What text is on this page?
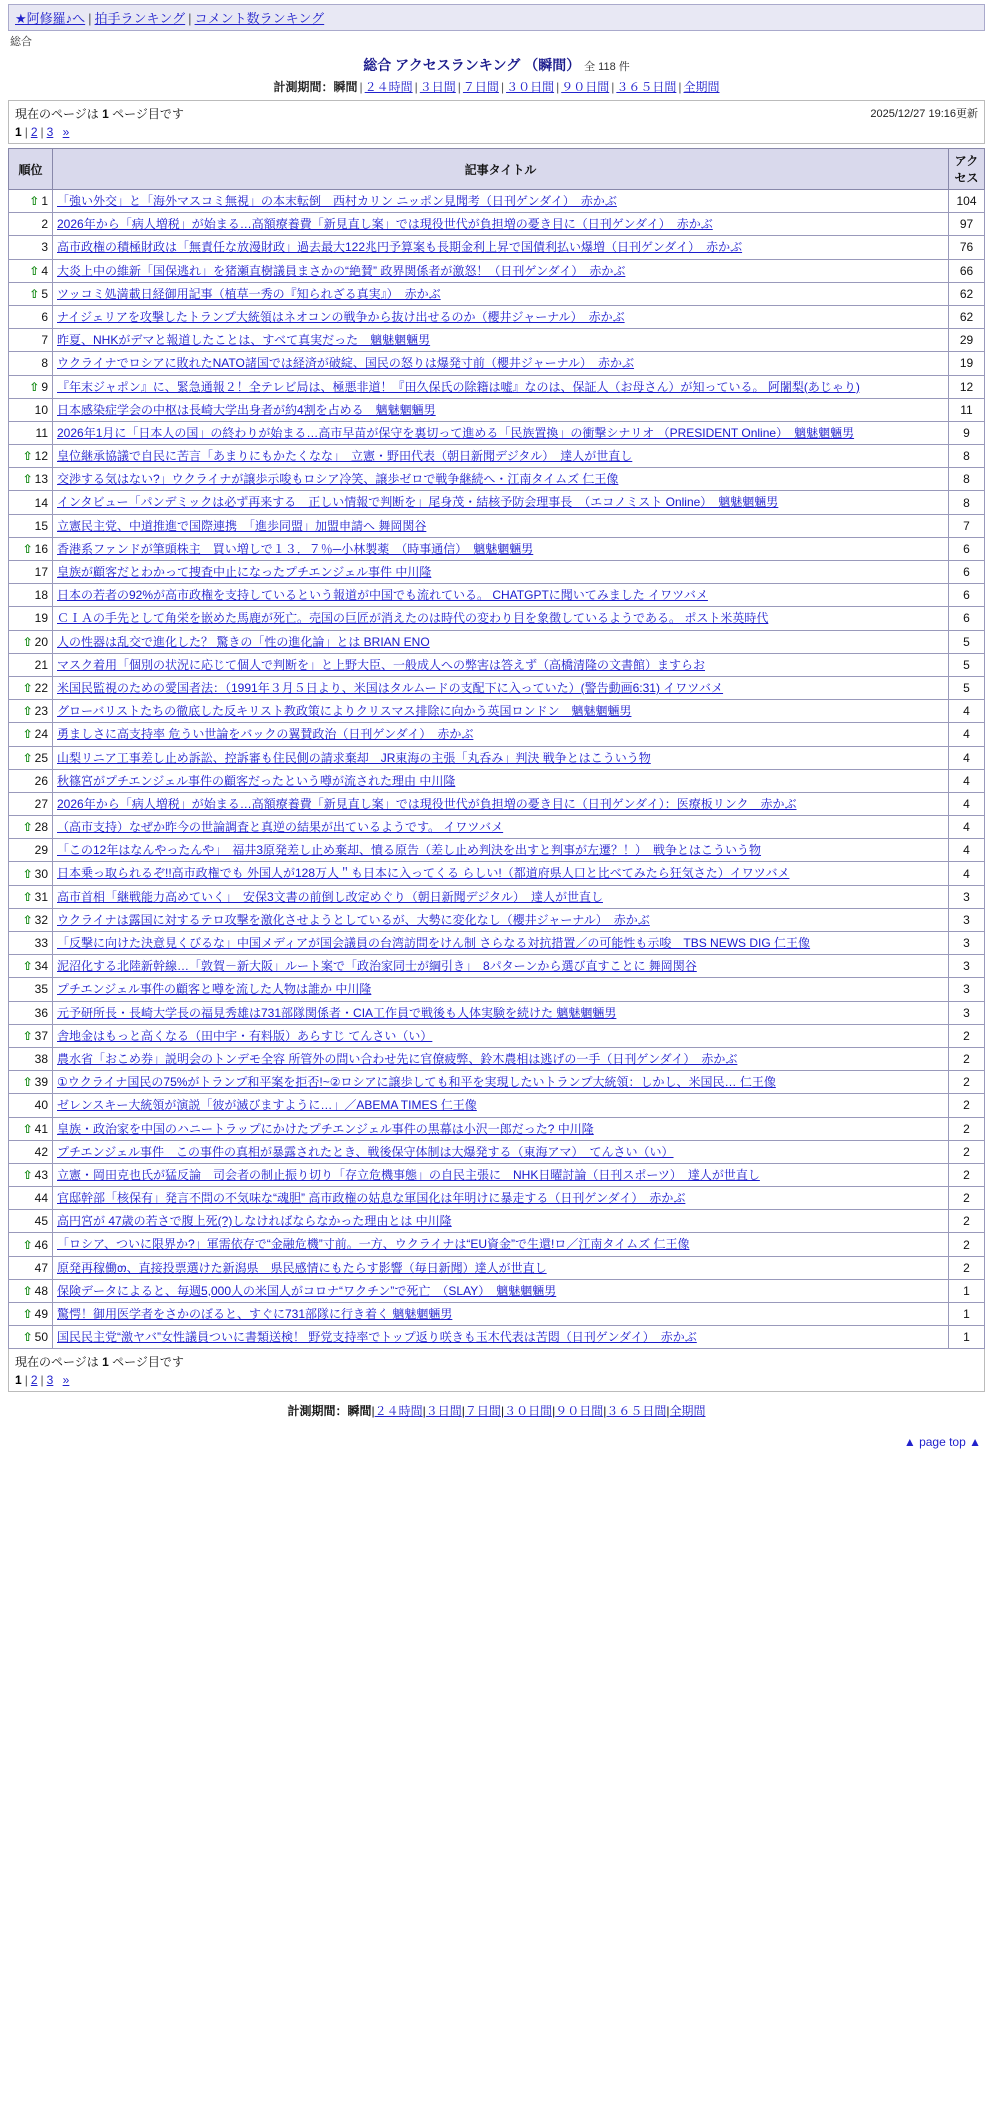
★阿修羅♪へ | 拍手ランキング | コメント数ランキング
総合
総合 アクセスランキング （瞬間） 全 118 件
計測期間：瞬間 | ２４時間 | ３日間 | ７日間 | ３０日間 | ９０日間 | ３６５日間 | 全期間
2025/12/27 19:16更新
現在のページは 1 ページ目です
1 | 2 | 3 »
順位	記事タイトル	アクセス
⇧ 1	「強い外交」と「海外マスコミ無視」の本末転倒　西村カリン ニッポン見聞考（日刊ゲンダイ）　赤かぶ	104
2	2026年から「病人増税」が始まる…高額療養費「新見直し案」では現役世代が負担増の憂き目に（日刊ゲンダイ）　赤かぶ	97
3	高市政権の積極財政は「無責任な放漫財政」過去最大122兆円予算案も長期金利上昇で国債利払い爆増（日刊ゲンダイ）　赤かぶ	76
⇧ 4	大炎上中の維新「国保逃れ」を猪瀬直樹議員まさかの“絶賛” 政界関係者が激怒！（日刊ゲンダイ）　赤かぶ	66
⇧ 5	ツッコミ処満載日経御用記事（植草一秀の『知られざる真実』）　赤かぶ	62
6	ナイジェリアを攻撃したトランプ大統領はネオコンの戦争から抜け出せるのか（櫻井ジャーナル）　赤かぶ	62
7	昨夏、NHKがデマと報道したことは、すべて真実だった　魑魅魍魎男	29
8	ウクライナでロシアに敗れたNATO諸国では経済が破綻、国民の怒りは爆発寸前（櫻井ジャーナル）　赤かぶ	19
⇧ 9	『年末ジャポン』に、緊急通報２！全テレビ局は、極悪非道！『田久保氏の除籍は嘘』なのは、保証人（お母さん）が知っている。 阿闍梨(あじゃり)	12
10	日本感染症学会の中枢は長崎大学出身者が約4割を占める　魑魅魍魎男	11
11	2026年1月に「日本人の国」の終わりが始まる…高市早苗が保守を裏切って進める「民族置換」の衝撃シナリオ （PRESIDENT Online）　魑魅魍魎男	9
⇧ 12	皇位継承協議で自民に苦言「あまりにもかたくなな」　立憲・野田代表（朝日新聞デジタル）　達人が世直し	8
⇧ 13	交渉する気はない?」ウクライナが譲歩示唆もロシア冷笑、譲歩ゼロで戦争継続へ・江南タイムズ 仁王像	8
14	インタビュー「パンデミックは必ず再来する　正しい情報で判断を」尾身茂・結核予防会理事長　（エコノミスト Online）　魑魅魍魎男	8
15	立憲民主党、中道推進で国際連携　「進歩同盟」加盟申請へ 舞岡関谷	7
⇧ 16	香港系ファンドが筆頭株主　買い増しで１３．７％─小林製薬　（時事通信）　魑魅魍魎男	6
17	皇族が顧客だとわかって捜査中止になったプチエンジェル事件 中川隆	6
18	日本の若者の92%が高市政権を支持しているという報道が中国でも流れている。 CHATGPTに聞いてみました イワツバメ	6
19	ＣＩＡの手先として角栄を嵌めた馬鹿が死亡。売国の巨匠が消えたのは時代の変わり目を象徴しているようである。 ポスト米英時代	6
⇧ 20	人の性器は乱交で進化した？ 驚きの「性の進化論」とは BRIAN ENO	5
21	マスク着用「個別の状況に応じて個人で判断を」と上野大臣、一般成人への弊害は答えず（高橋清隆の文書館）ますらお	5
⇧ 22	米国民監視のための愛国者法：（1991年３月５日より、米国はタルムードの支配下に入っていた）(警告動画6:31) イワツバメ	5
⇧ 23	グローバリストたちの徹底した反キリスト教政策によりクリスマス排除に向かう英国ロンドン　魑魅魍魎男	4
⇧ 24	勇ましさに高支持率 危うい世論をバックの翼賛政治（日刊ゲンダイ）　赤かぶ	4
⇧ 25	山梨リニア工事差し止め訴訟、控訴審も住民側の請求棄却　JR東海の主張「丸呑み」判決 戦争とはこういう物	4
26	秋篠宮がプチエンジェル事件の顧客だったという噂が流された理由 中川隆	4
27	2026年から「病人増税」が始まる…高額療養費「新見直し案」では現役世代が負担増の憂き目に（日刊ゲンダイ）：医療板リンク　赤かぶ	4
⇧ 28	（高市支持）なぜか昨今の世論調査と真逆の結果が出ているようです。 イワツバメ	4
29	「この12年はなんやったんや」　福井3原発差し止め棄却、憤る原告（差し止め判決を出すと判事が左遷？！）　戦争とはこういう物	4
⇧ 30	日本乗っ取られるぞ!!高市政権でも 外国人が128万人＂も日本に入ってくる らしい!（都道府県人口と比べてみたら狂気さた）イワツバメ	4
⇧ 31	高市首相「継戦能力高めていく」　安保3文書の前倒し改定めぐり（朝日新聞デジタル）　達人が世直し	3
⇧ 32	ウクライナは露国に対するテロ攻撃を激化させようとしているが、大勢に変化なし（櫻井ジャーナル）　赤かぶ	3
33	「反撃に向けた決意見くびるな」中国メディアが国会議員の台湾訪問をけん制 さらなる対抗措置／の可能性も示唆　TBS NEWS DIG 仁王像	3
⇧ 34	泥沼化する北陸新幹線…「敦賀－新大阪」ルート案で「政治家同士が綱引き」　8パターンから選び直すことに 舞岡関谷	3
35	プチエンジェル事件の顧客と噂を流した人物は誰か 中川隆	3
36	元予研所長・長崎大学長の福見秀雄は731部隊関係者・CIA工作員で戦後も人体実験を続けた 魑魅魍魎男	3
⇧ 37	舎地金はもっと高くなる（田中宇・有料版）あらすじ てんさい（い）	2
38	農水省「おこめ券」説明会のトンデモ全容 所管外の問い合わせ先に官僚疲弊、鈴木農相は逃げの一手（日刊ゲンダイ）　赤かぶ	2
⇧ 39	①ウクライナ国民の75%がトランプ和平案を拒否!~②ロシアに譲歩しても和平を実現したいトランプ大統領：しかし、米国民… 仁王像	2
40	ゼレンスキー大統領が演説「彼が滅びますように…」／ABEMA TIMES 仁王像	2
⇧ 41	皇族・政治家を中国のハニートラップにかけたプチエンジェル事件の黒幕は小沢一郎だった? 中川隆	2
42	プチエンジェル事件　この事件の真相が暴露されたとき、戦後保守体制は大爆発する（東海アマ）　てんさい（い）	2
⇧ 43	立憲・岡田克也氏が猛反論　司会者の制止振り切り「存立危機事態」の自民主張に　NHK日曜討論（日刊スポーツ）　達人が世直し	2
44	官邸幹部「核保有」発言不問の不気味な“魂胆” 高市政権の姑息な軍国化は年明けに暴走する（日刊ゲンダイ）　赤かぶ	2
45	高円宮が 47歳の若さで腹上死(?)しなければならなかった理由とは 中川隆	2
⇧ 46	「ロシア、ついに限界か?」軍需依存で“金融危機”寸前。一方、ウクライナは“EU資金”で生還!ロ／江南タイムズ 仁王像	2
47	原発再稼働თ、直接投票選けた新潟県　県民感情にもたらす影響（毎日新聞）達人が世直し	2
⇧ 48	保険データによると、毎週5,000人の米国人がコロナ“ワクチン”で死亡　（SLAY）　魑魅魍魎男	1
⇧ 49	驚愕！御用医学者をさかのぼると、すぐに731部隊に行き着く 魑魅魍魎男	1
⇧ 50	国民民主党“激ヤバ”女性議員ついに書類送検！ 野党支持率でトップ返り咲きも玉木代表は苦悶（日刊ゲンダイ）　赤かぶ	1
現在のページは 1 ページ目です
1 | 2 | 3 »
計測期間：瞬間|２４時間|３日間|７日間|３０日間|９０日間|３６５日間|全期間
▲ page top ▲
